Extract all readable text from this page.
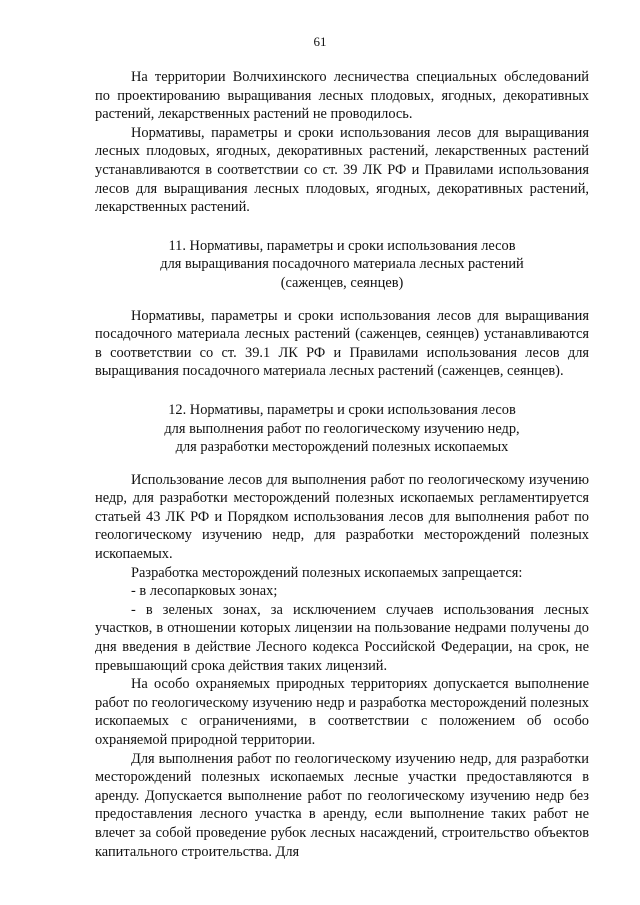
61

На территории Волчихинского лесничества специальных обследований по проектированию выращивания лесных плодовых, ягодных, декоративных растений, лекарственных растений не проводилось.

Нормативы, параметры и сроки использования лесов для выращивания лесных плодовых, ягодных, декоративных растений, лекарственных растений устанавливаются в соответствии со ст. 39 ЛК РФ и Правилами использования лесов для выращивания лесных плодовых, ягодных, декоративных растений, лекарственных растений.

11. Нормативы, параметры и сроки использования лесов
для выращивания посадочного материала лесных растений
(саженцев, сеянцев)

Нормативы, параметры и сроки использования лесов для выращивания посадочного материала лесных растений (саженцев, сеянцев) устанавливаются в соответствии со ст. 39.1 ЛК РФ и Правилами использования лесов для выращивания посадочного материала лесных растений (саженцев, сеянцев).

12. Нормативы, параметры и сроки использования лесов
для выполнения работ по геологическому изучению недр,
для разработки месторождений полезных ископаемых

Использование лесов для выполнения работ по геологическому изучению недр, для разработки месторождений полезных ископаемых регламентируется статьей 43 ЛК РФ и Порядком использования лесов для выполнения работ по геологическому изучению недр, для разработки месторождений полезных ископаемых.

Разработка месторождений полезных ископаемых запрещается:

- в лесопарковых зонах;

- в зеленых зонах, за исключением случаев использования лесных участков, в отношении которых лицензии на пользование недрами получены до дня введения в действие Лесного кодекса Российской Федерации, на срок, не превышающий срока действия таких лицензий.

На особо охраняемых природных территориях допускается выполнение работ по геологическому изучению недр и разработка месторождений полезных ископаемых с ограничениями, в соответствии с положением об особо охраняемой природной территории.

Для выполнения работ по геологическому изучению недр, для разработки месторождений полезных ископаемых лесные участки предоставляются в аренду. Допускается выполнение работ по геологическому изучению недр без предоставления лесного участка в аренду, если выполнение таких работ не влечет за собой проведение рубок лесных насаждений, строительство объектов капитального строительства. Для
